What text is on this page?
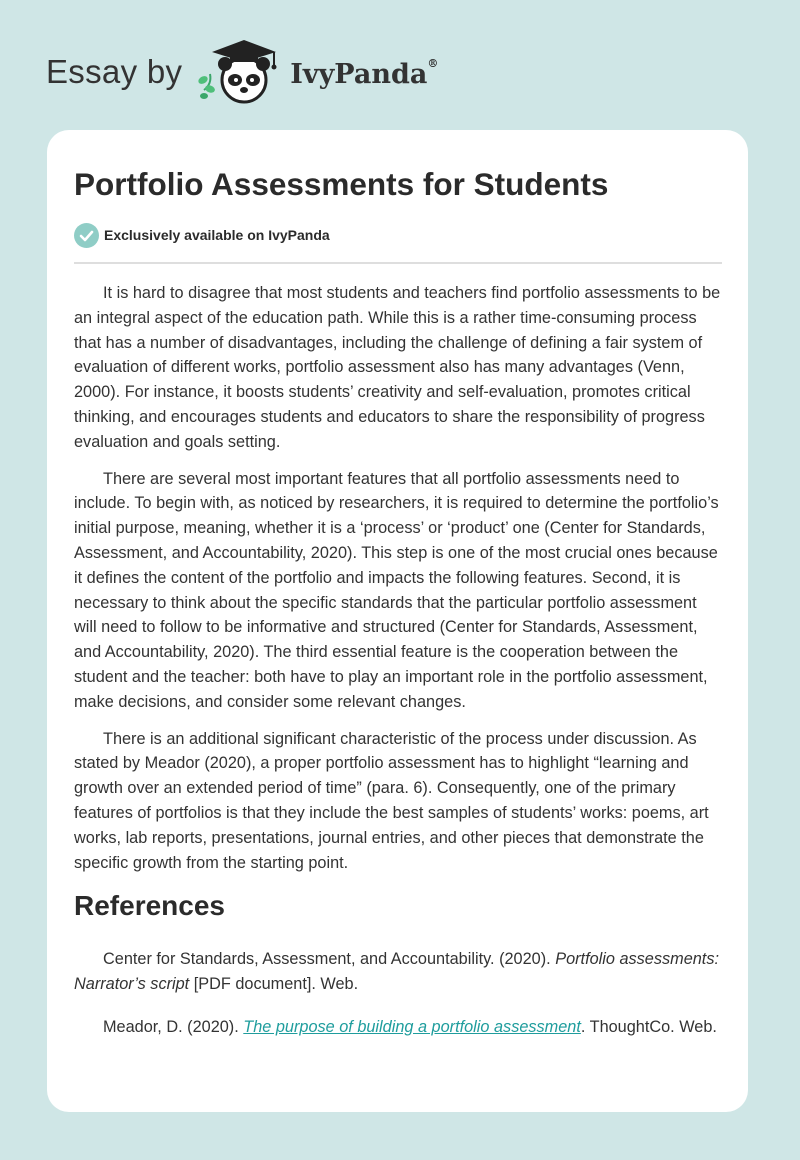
Essay by	IvyPanda®
Portfolio Assessments for Students
Exclusively available on IvyPanda

It is hard to disagree that most students and teachers find portfolio assessments to be an integral aspect of the education path. While this is a rather time-consuming process that has a number of disadvantages, including the challenge of defining a fair system of evaluation of different works, portfolio assessment also has many advantages (Venn, 2000). For instance, it boosts students’ creativity and self-evaluation, promotes critical thinking, and encourages students and educators to share the responsibility of progress evaluation and goals setting.

There are several most important features that all portfolio assessments need to include. To begin with, as noticed by researchers, it is required to determine the portfolio’s initial purpose, meaning, whether it is a ‘process’ or ‘product’ one (Center for Standards, Assessment, and Accountability, 2020). This step is one of the most crucial ones because it defines the content of the portfolio and impacts the following features. Second, it is necessary to think about the specific standards that the particular portfolio assessment will need to follow to be informative and structured (Center for Standards, Assessment, and Accountability, 2020). The third essential feature is the cooperation between the student and the teacher: both have to play an important role in the portfolio assessment, make decisions, and consider some relevant changes.

There is an additional significant characteristic of the process under discussion. As stated by Meador (2020), a proper portfolio assessment has to highlight “learning and growth over an extended period of time” (para. 6). Consequently, one of the primary features of portfolios is that they include the best samples of students’ works: poems, art works, lab reports, presentations, journal entries, and other pieces that demonstrate the specific growth from the starting point.

References

Center for Standards, Assessment, and Accountability. (2020). Portfolio assessments: Narrator’s script [PDF document]. Web.

Meador, D. (2020). The purpose of building a portfolio assessment. ThoughtCo. Web.
